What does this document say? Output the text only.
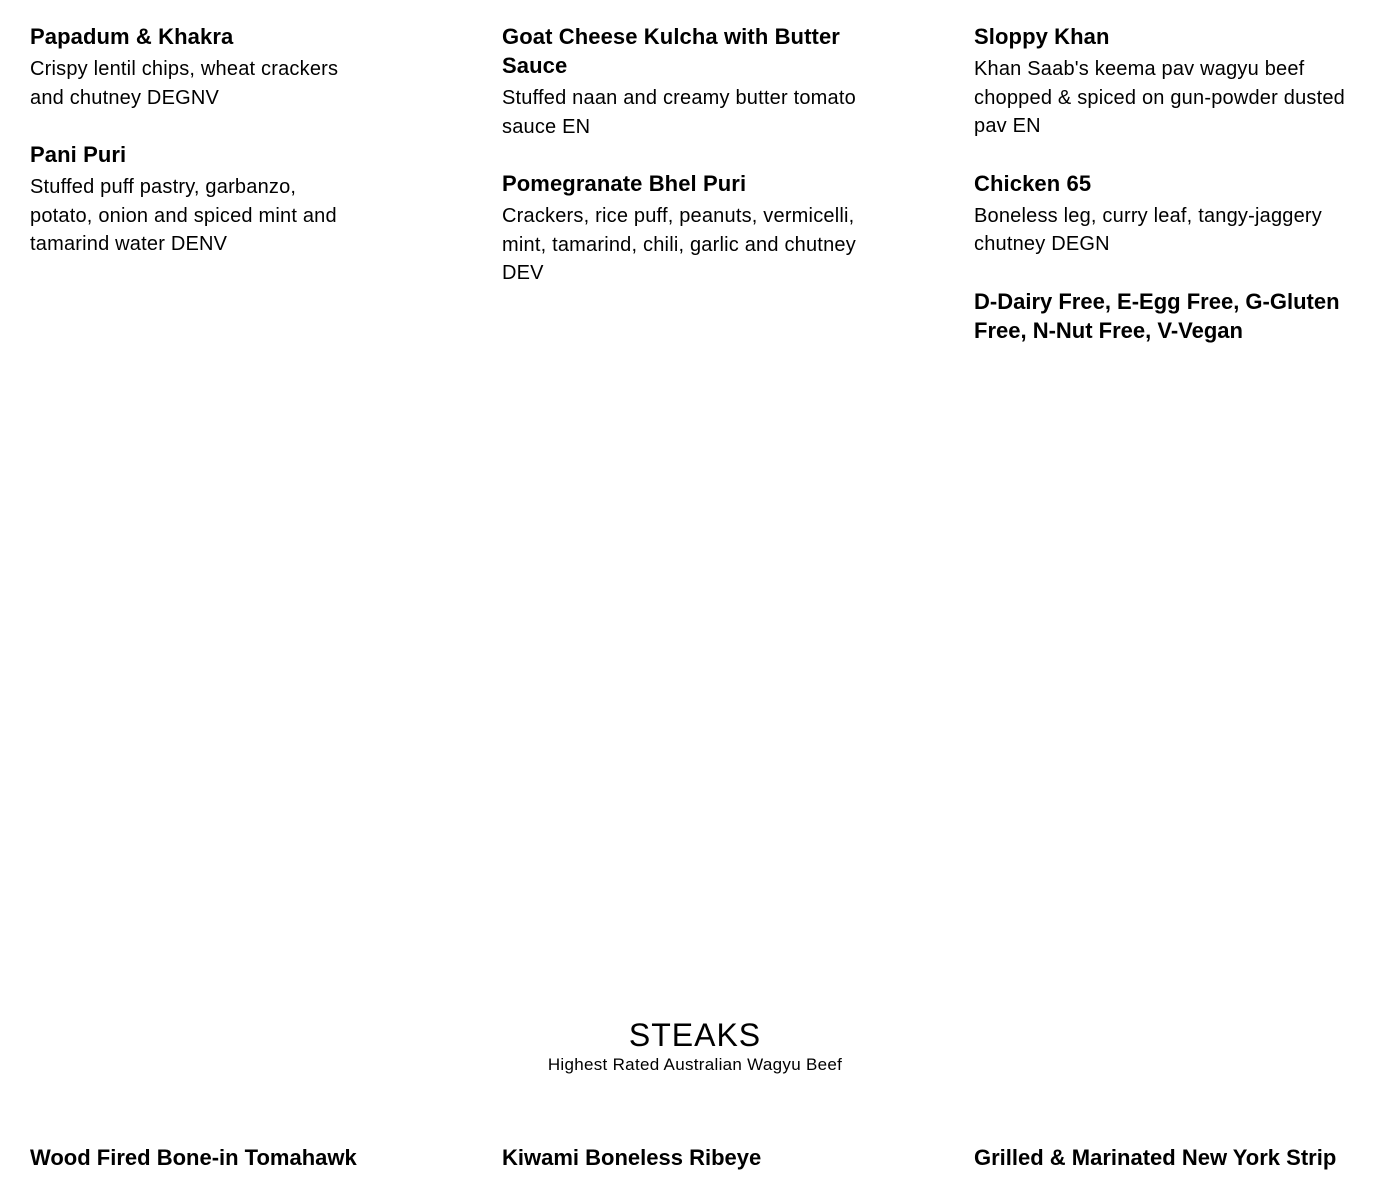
Papadum & Khakra
Crispy lentil chips, wheat crackers and chutney DEGNV
Pani Puri
Stuffed puff pastry, garbanzo, potato, onion and spiced mint and tamarind water DENV
Goat Cheese Kulcha with Butter Sauce
Stuffed naan and creamy butter tomato sauce EN
Pomegranate Bhel Puri
Crackers, rice puff, peanuts, vermicelli, mint, tamarind, chili, garlic and chutney DEV
Sloppy Khan
Khan Saab's keema pav wagyu beef chopped & spiced on gun-powder dusted pav EN
Chicken 65
Boneless leg, curry leaf, tangy-jaggery chutney DEGN
D-Dairy Free, E-Egg Free, G-Gluten Free, N-Nut Free, V-Vegan
STEAKS
Highest Rated Australian Wagyu Beef
Wood Fired Bone-in Tomahawk	Kiwami Boneless Ribeye	Grilled & Marinated New York Strip
